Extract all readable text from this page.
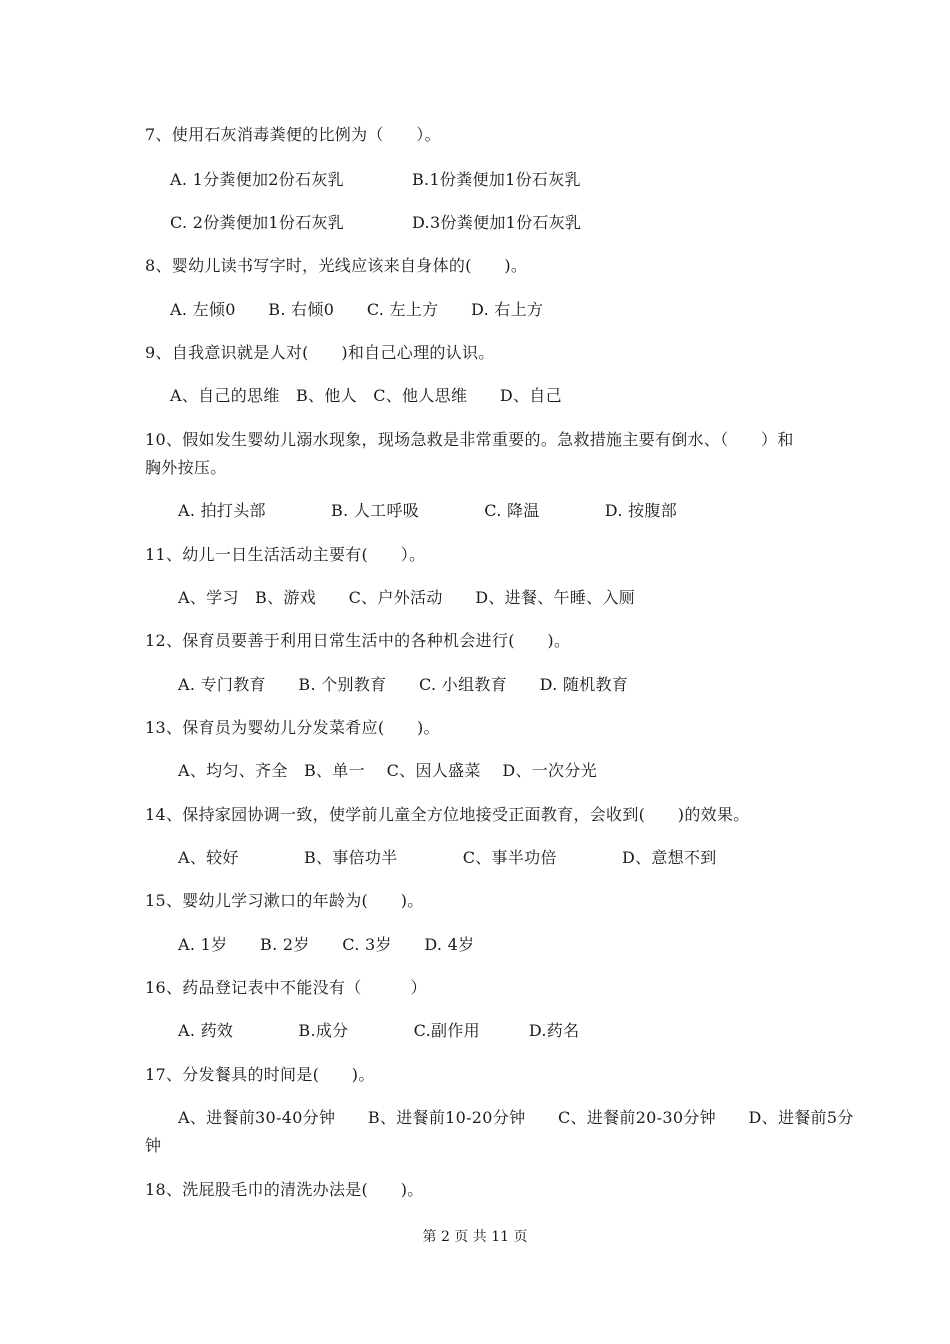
7、使用石灰消毒粪便的比例为（　　）。
A. 1分粪便加2份石灰乳	B.1份粪便加1份石灰乳
C. 2份粪便加1份石灰乳	D.3份粪便加1份石灰乳
8、婴幼儿读书写字时，光线应该来自身体的(　　)。
A. 左倾0　　B. 右倾0　　C. 左上方　　D. 右上方
9、自我意识就是人对(　　)和自己心理的认识。
A、自己的思维　B、他人　C、他人思维　　D、自己
10、假如发生婴幼儿溺水现象，现场急救是非常重要的。急救措施主要有倒水、（　　）和
胸外按压。
A. 拍打头部　　　　B. 人工呼吸　　　　C. 降温　　　　D. 按腹部
11、幼儿一日生活活动主要有(　　）。
A、学习　B、游戏　　C、户外活动　　D、进餐、午睡、入厕
12、保育员要善于利用日常生活中的各种机会进行(　　)。
A. 专门教育　　B. 个别教育　　C. 小组教育　　D. 随机教育
13、保育员为婴幼儿分发菜肴应(　　)。
A、均匀、齐全　B、单一　 C、因人盛菜　 D、一次分光
14、保持家园协调一致，使学前儿童全方位地接受正面教育，会收到(　　)的效果。
A、较好　　　　B、事倍功半　　　　C、事半功倍　　　　D、意想不到
15、婴幼儿学习漱口的年龄为(　　)。
A. 1岁　　B. 2岁　　C. 3岁　　D. 4岁
16、药品登记表中不能没有（　　　）
A. 药效　　　　B.成分　　　　C.副作用　　　D.药名
17、分发餐具的时间是(　　)。
A、进餐前30-40分钟　　B、进餐前10-20分钟　　C、进餐前20-30分钟　　D、进餐前5分
钟
18、洗屁股毛巾的清洗办法是(　　)。
第 2 页 共 11 页
